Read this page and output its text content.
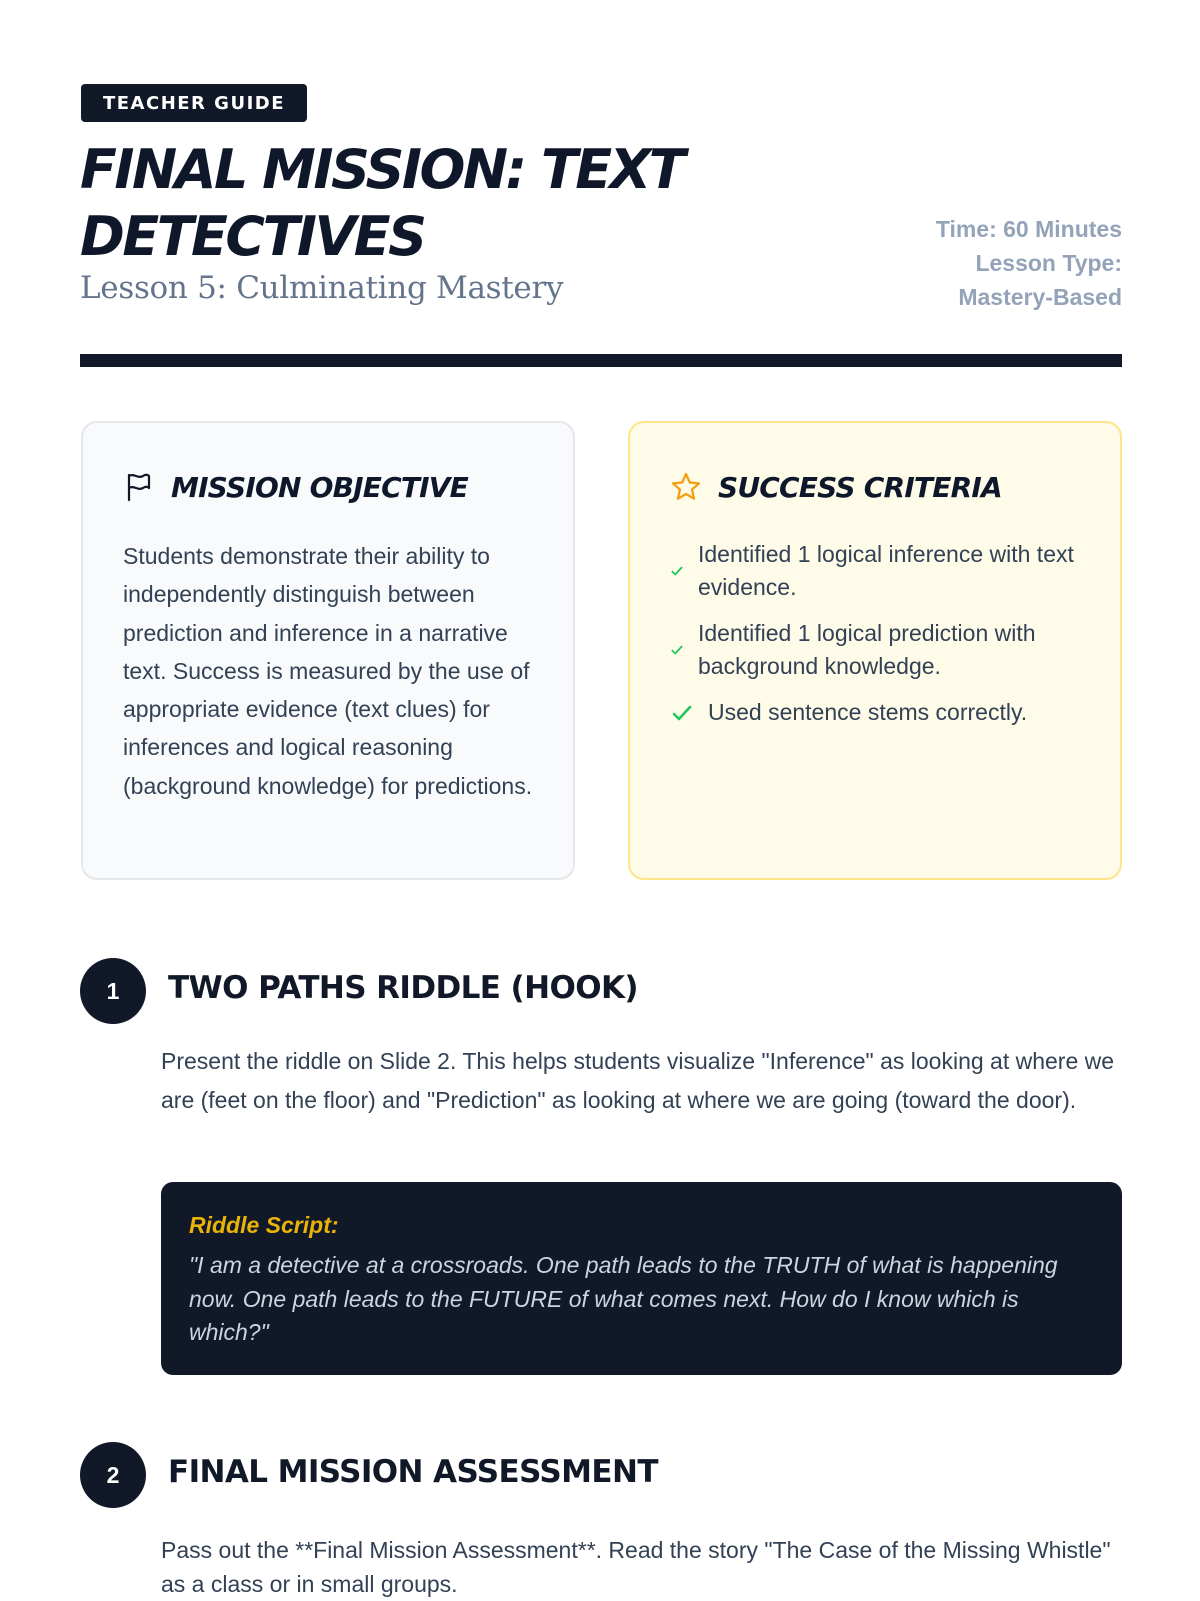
TEACHER GUIDE
FINAL MISSION: TEXT DETECTIVES
Lesson 5: Culminating Mastery
Time: 60 Minutes
Lesson Type:
Mastery-Based
MISSION OBJECTIVE

Students demonstrate their ability to independently distinguish between prediction and inference in a narrative text. Success is measured by the use of appropriate evidence (text clues) for inferences and logical reasoning (background knowledge) for predictions.

SUCCESS CRITERIA
Identified 1 logical inference with text evidence.
Identified 1 logical prediction with background knowledge.
Used sentence stems correctly.
1	TWO PATHS RIDDLE (HOOK)

Present the riddle on Slide 2. This helps students visualize "Inference" as looking at where we are (feet on the floor) and "Prediction" as looking at where we are going (toward the door).

Riddle Script:
"I am a detective at a crossroads. One path leads to the TRUTH of what is happening now. One path leads to the FUTURE of what comes next. How do I know which is which?"
2	FINAL MISSION ASSESSMENT

Pass out the **Final Mission Assessment**. Read the story "The Case of the Missing Whistle" as a class or in small groups.
